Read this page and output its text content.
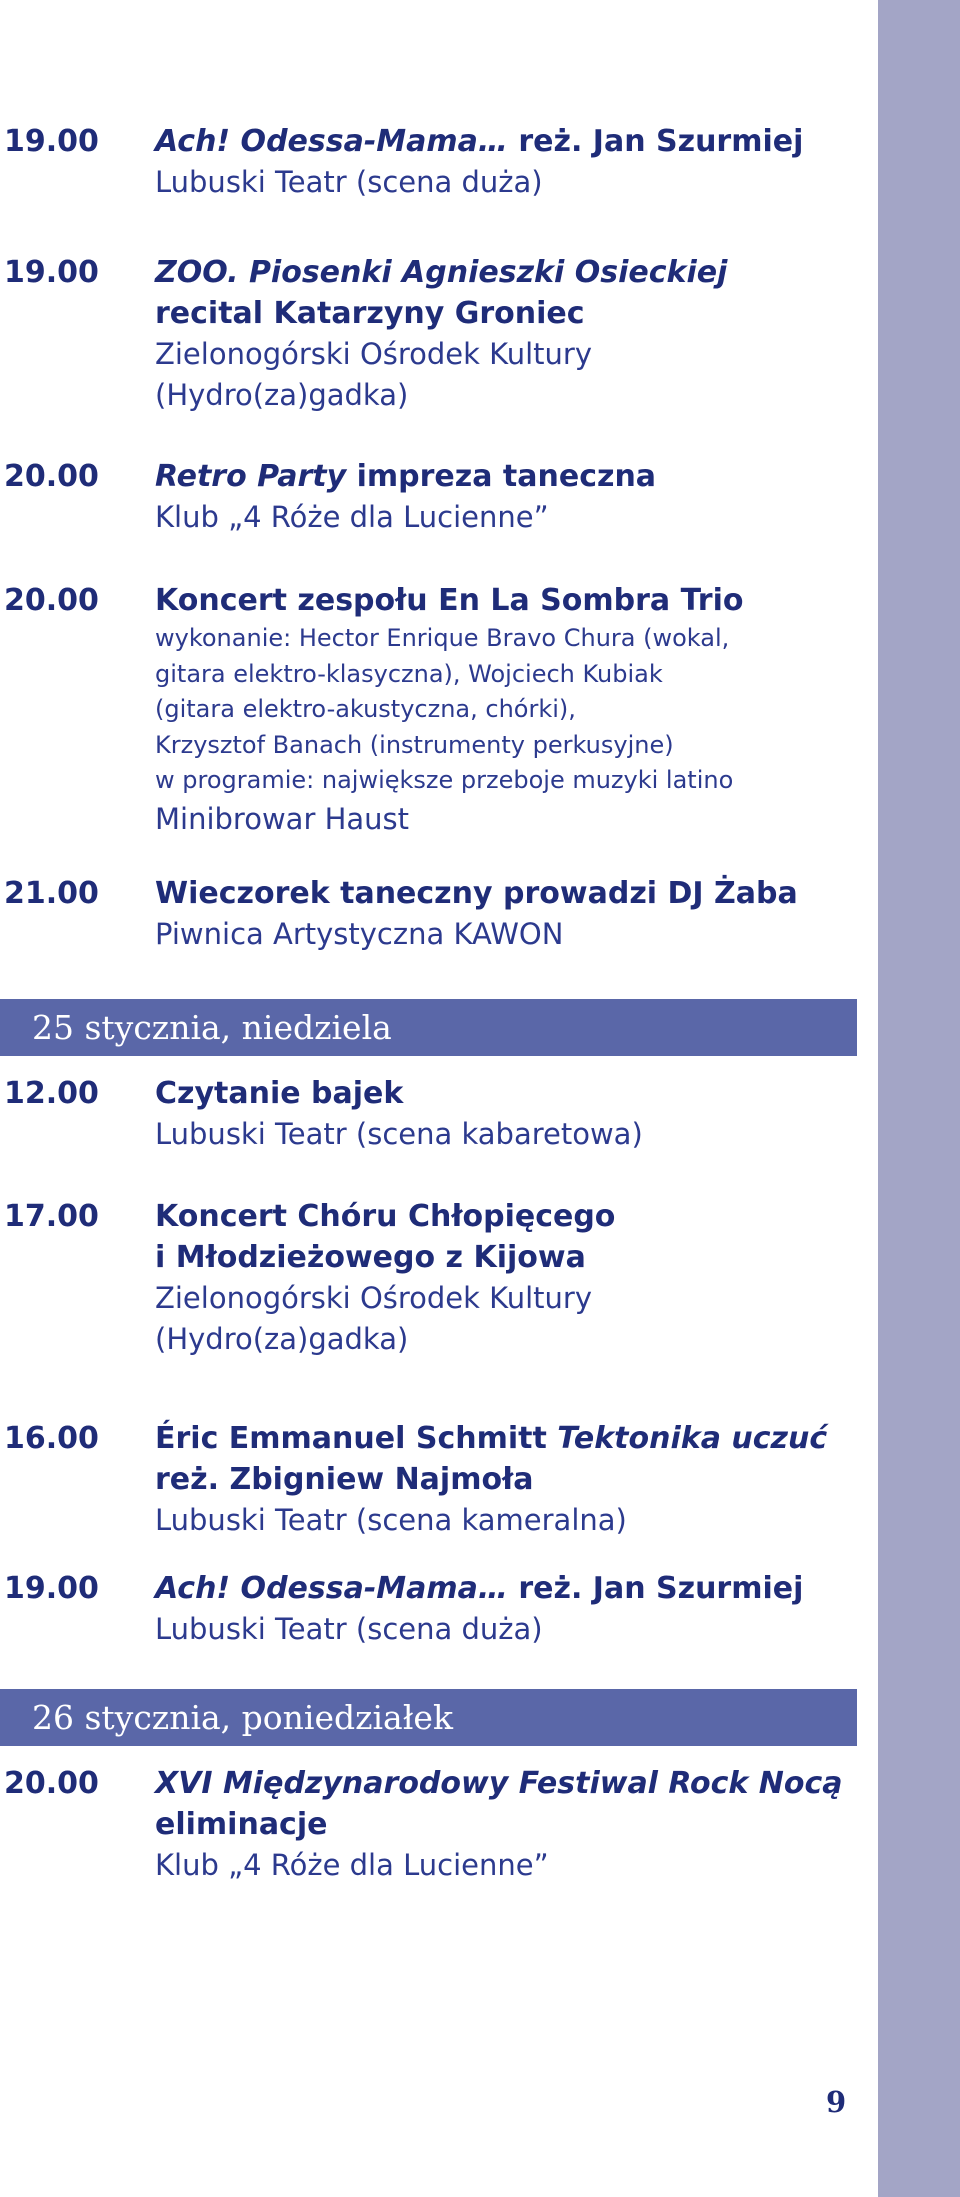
19.00 Ach! Odessa-Mama… reż. Jan Szurmiej
Lubuski Teatr (scena duża)
19.00 ZOO. Piosenki Agnieszki Osieckiej
recital Katarzyny Groniec
Zielonogórski Ośrodek Kultury
(Hydro(za)gadka)
20.00 Retro Party impreza taneczna
Klub „4 Róże dla Lucienne”
20.00 Koncert zespołu En La Sombra Trio
wykonanie: Hector Enrique Bravo Chura (wokal,
gitara elektro-klasyczna), Wojciech Kubiak
(gitara elektro-akustyczna, chórki),
Krzysztof Banach (instrumenty perkusyjne)
w programie: największe przeboje muzyki latino
Minibrowar Haust
21.00 Wieczorek taneczny prowadzi DJ Żaba
Piwnica Artystyczna KAWON
25 stycznia, niedziela
12.00 Czytanie bajek
Lubuski Teatr (scena kabaretowa)
17.00 Koncert Chóru Chłopięcego
i Młodzieżowego z Kijowa
Zielonogórski Ośrodek Kultury
(Hydro(za)gadka)
16.00 Éric Emmanuel Schmitt Tektonika uczuć
reż. Zbigniew Najmoła
Lubuski Teatr (scena kameralna)
19.00 Ach! Odessa-Mama… reż. Jan Szurmiej
Lubuski Teatr (scena duża)
26 stycznia, poniedziałek
20.00 XVI Międzynarodowy Festiwal Rock Nocą
eliminacje
Klub „4 Róże dla Lucienne”
9
